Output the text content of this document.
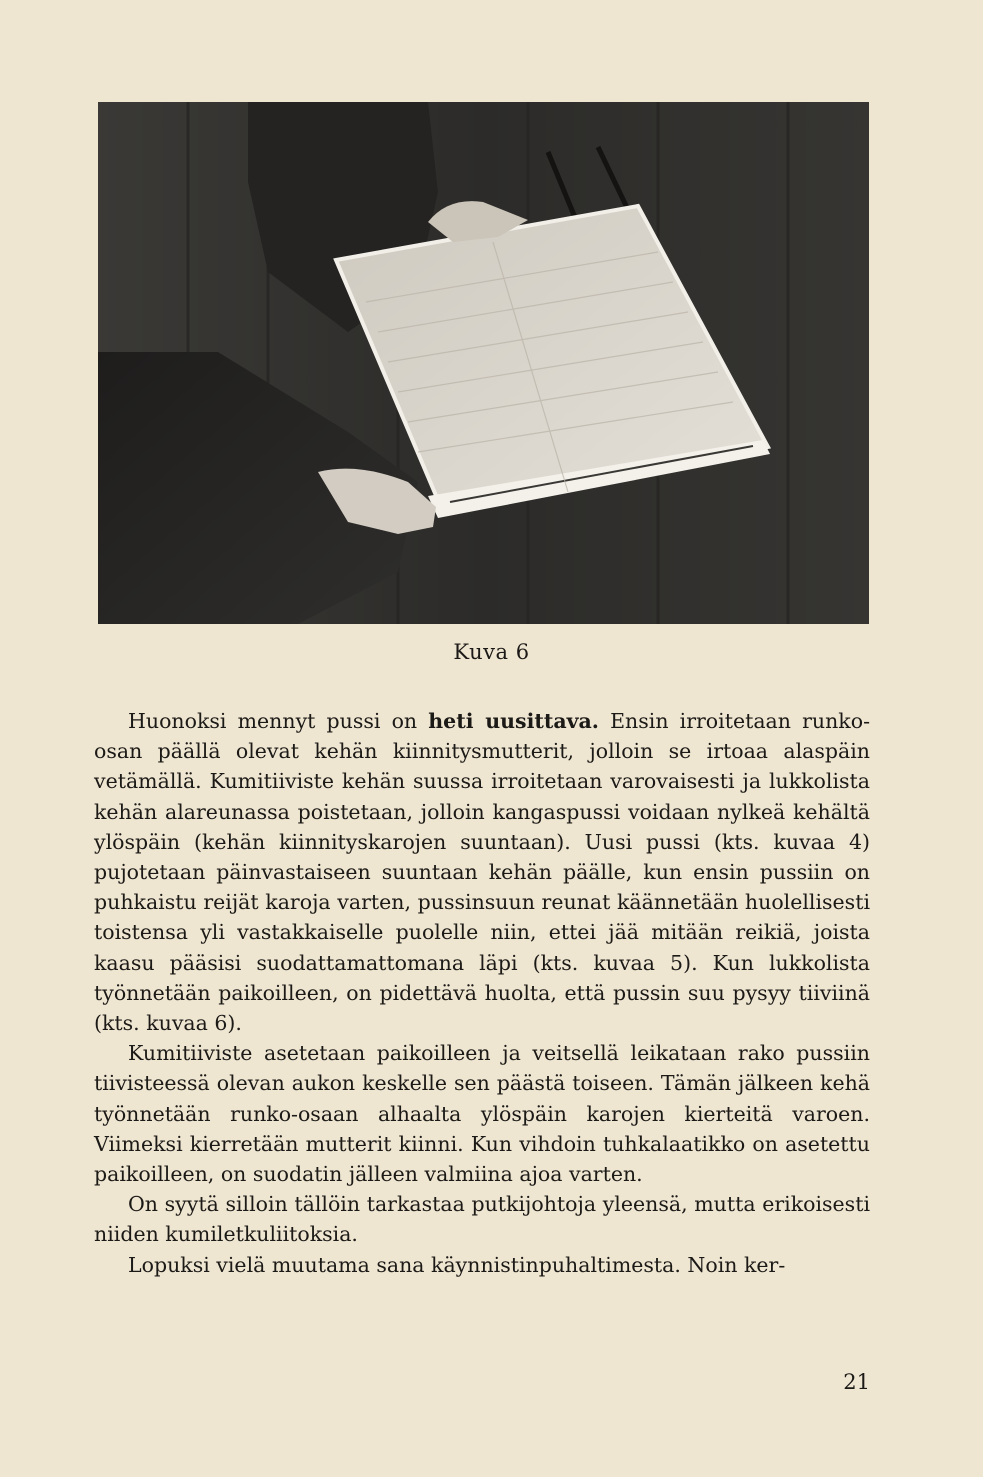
Kuva 6

Huonoksi mennyt pussi on heti uusittava. Ensin irroitetaan runko-osan päällä olevat kehän kiinnitysmutterit, jolloin se irtoaa alaspäin vetämällä. Kumitiiviste kehän suussa irroitetaan varovaisesti ja lukkolista kehän alareunassa poistetaan, jolloin kangaspussi voidaan nylkeä kehältä ylöspäin (kehän kiinnityskarojen suuntaan). Uusi pussi (kts. kuvaa 4) pujotetaan päinvastaiseen suuntaan kehän päälle, kun ensin pussiin on puhkaistu reijät karoja varten, pussinsuun reunat käännetään huolellisesti toistensa yli vastakkaiselle puolelle niin, ettei jää mitään reikiä, joista kaasu pääsisi suodattamattomana läpi (kts. kuvaa 5). Kun lukkolista työnnetään paikoilleen, on pidettävä huolta, että pussin suu pysyy tiiviinä (kts. kuvaa 6).

Kumitiiviste asetetaan paikoilleen ja veitsellä leikataan rako pussiin tiivisteessä olevan aukon keskelle sen päästä toiseen. Tämän jälkeen kehä työnnetään runko-osaan alhaalta ylöspäin karojen kierteitä varoen. Viimeksi kierretään mutterit kiinni. Kun vihdoin tuhkalaatikko on asetettu paikoilleen, on suodatin jälleen valmiina ajoa varten.

On syytä silloin tällöin tarkastaa putkijohtoja yleensä, mutta erikoisesti niiden kumiletkuliitoksia.

Lopuksi vielä muutama sana käynnistinpuhaltimesta. Noin ker-

21
